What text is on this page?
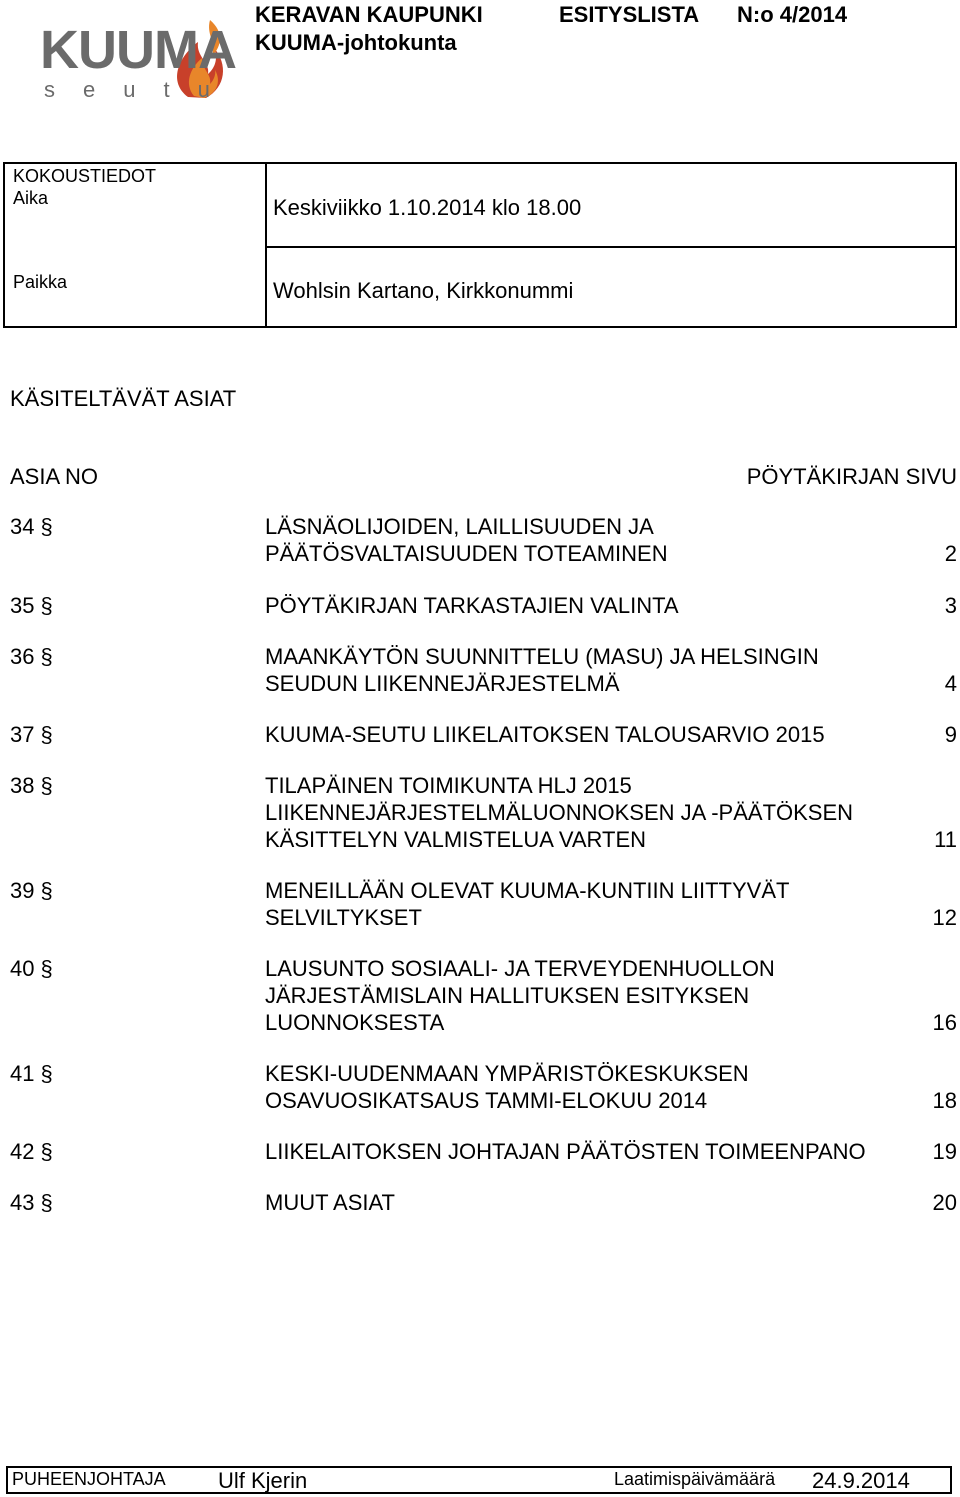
KUUMA
seutu
KERAVAN KAUPUNKI	ESITYSLISTA N:o 4/2014
KUUMA-johtokunta
KOKOUSTIEDOT
Aika	Keskiviikko 1.10.2014 klo 18.00
Paikka	Wohlsin Kartano, Kirkkonummi
KÄSITELTÄVÄT ASIAT
ASIA NO	PÖYTÄKIRJAN SIVU
34 §	LÄSNÄOLIJOIDEN, LAILLISUUDEN JA
PÄÄTÖSVALTAISUUDEN TOTEAMINEN	2
35 §	PÖYTÄKIRJAN TARKASTAJIEN VALINTA	3
36 §	MAANKÄYTÖN SUUNNITTELU (MASU) JA HELSINGIN
SEUDUN LIIKENNEJÄRJESTELMÄ	4
37 §	KUUMA-SEUTU LIIKELAITOKSEN TALOUSARVIO 2015	9
38 §	TILAPÄINEN TOIMIKUNTA HLJ 2015
LIIKENNEJÄRJESTELMÄLUONNOKSEN JA -PÄÄTÖKSEN
KÄSITTELYN VALMISTELUA VARTEN	11
39 §	MENEILLÄÄN OLEVAT KUUMA-KUNTIIN LIITTYVÄT
SELVILTYKSET	12
40 §	LAUSUNTO SOSIAALI- JA TERVEYDENHUOLLON
JÄRJESTÄMISLAIN HALLITUKSEN ESITYKSEN
LUONNOKSESTA	16
41 §	KESKI-UUDENMAAN YMPÄRISTÖKESKUKSEN
OSAVUOSIKATSAUS TAMMI-ELOKUU 2014	18
42 §	LIIKELAITOKSEN JOHTAJAN PÄÄTÖSTEN TOIMEENPANO	19
43 §	MUUT ASIAT	20
PUHEENJOHTAJA Ulf Kjerin	Laatimispäivämäärä 24.9.2014
